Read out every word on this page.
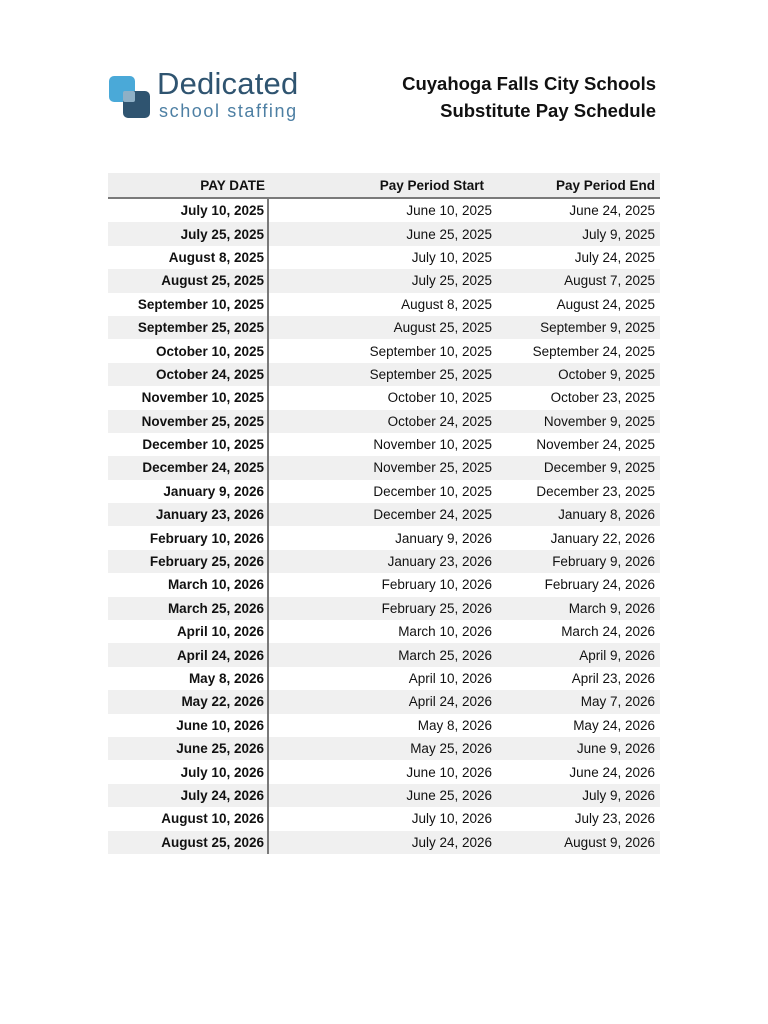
Dedicated
school staffing
Cuyahoga Falls City Schools
Substitute Pay Schedule
PAY DATE	Pay Period Start	Pay Period End
July 10, 2025	June 10, 2025	June 24, 2025
July 25, 2025	June 25, 2025	July 9, 2025
August 8, 2025	July 10, 2025	July 24, 2025
August 25, 2025	July 25, 2025	August 7, 2025
September 10, 2025	August 8, 2025	August 24, 2025
September 25, 2025	August 25, 2025	September 9, 2025
October 10, 2025	September 10, 2025	September 24, 2025
October 24, 2025	September 25, 2025	October 9, 2025
November 10, 2025	October 10, 2025	October 23, 2025
November 25, 2025	October 24, 2025	November 9, 2025
December 10, 2025	November 10, 2025	November 24, 2025
December 24, 2025	November 25, 2025	December 9, 2025
January 9, 2026	December 10, 2025	December 23, 2025
January 23, 2026	December 24, 2025	January 8, 2026
February 10, 2026	January 9, 2026	January 22, 2026
February 25, 2026	January 23, 2026	February 9, 2026
March 10, 2026	February 10, 2026	February 24, 2026
March 25, 2026	February 25, 2026	March 9, 2026
April 10, 2026	March 10, 2026	March 24, 2026
April 24, 2026	March 25, 2026	April 9, 2026
May 8, 2026	April 10, 2026	April 23, 2026
May 22, 2026	April 24, 2026	May 7, 2026
June 10, 2026	May 8, 2026	May 24, 2026
June 25, 2026	May 25, 2026	June 9, 2026
July 10, 2026	June 10, 2026	June 24, 2026
July 24, 2026	June 25, 2026	July 9, 2026
August 10, 2026	July 10, 2026	July 23, 2026
August 25, 2026	July 24, 2026	August 9, 2026
